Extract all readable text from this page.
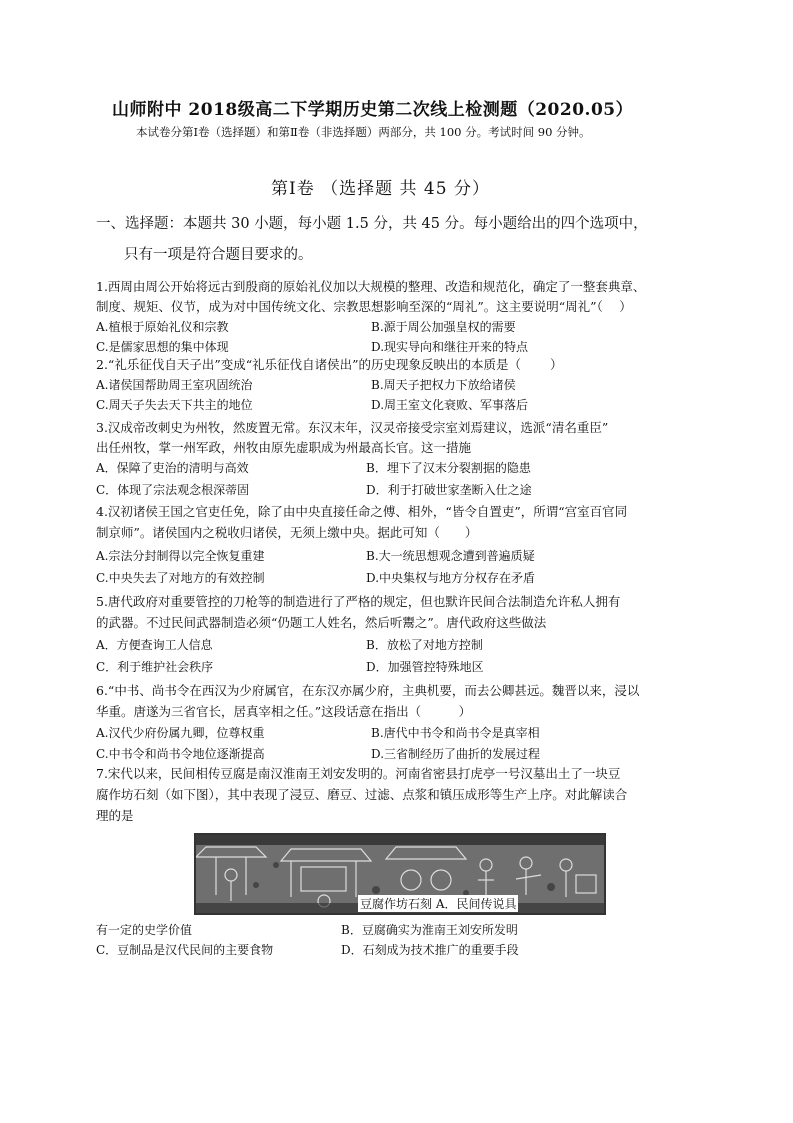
山师附中 2018级高二下学期历史第二次线上检测题（2020.05）
本试卷分第Ⅰ卷（选择题）和第Ⅱ卷（非选择题）两部分，共 100 分。考试时间 90 分钟。
第Ⅰ卷 （选择题 共 45 分）
一、选择题：本题共 30 小题，每小题 1.5 分，共 45 分。每小题给出的四个选项中，
只有一项是符合题目要求的。
1.西周由周公开始将远古到殷商的原始礼仪加以大规模的整理、改造和规范化，确定了一整套典章、
制度、规矩、仪节，成为对中国传统文化、宗教思想影响至深的“周礼”。这主要说明“周礼”（　 ）
A.植根于原始礼仪和宗教	B.源于周公加强皇权的需要
C.是儒家思想的集中体现	D.现实导向和继往开来的特点
2.“礼乐征伐自天子出”变成“礼乐征伐自诸侯出”的历史现象反映出的本质是（　　 ）
A.诸侯国帮助周王室巩固统治	B.周天子把权力下放给诸侯
C.周天子失去天下共主的地位	D.周王室文化衰败、军事落后
3.汉成帝改刺史为州牧，然废置无常。东汉末年，汉灵帝接受宗室刘焉建议，选派“清名重臣”
出任州牧，掌一州军政，州牧由原先虚职成为州最高长官。这一措施
A．保障了吏治的清明与高效	B．埋下了汉末分裂割据的隐患
C．体现了宗法观念根深蒂固	D．利于打破世家垄断入仕之途
4.汉初诸侯王国之官吏任免，除了由中央直接任命之傅、相外，“皆令自置吏”，所谓“宫室百官同
制京师”。诸侯国内之税收归诸侯，无须上缴中央。据此可知（　　）
A.宗法分封制得以完全恢复重建	B.大一统思想观念遭到普遍质疑
C.中央失去了对地方的有效控制	D.中央集权与地方分权存在矛盾
5.唐代政府对重要管控的刀枪等的制造进行了严格的规定，但也默许民间合法制造允许私人拥有
的武器。不过民间武器制造必须“仍题工人姓名，然后听鬻之”。唐代政府这些做法
A．方便查询工人信息	B．放松了对地方控制
C．利于维护社会秩序	D．加强管控特殊地区
6.“中书、尚书令在西汉为少府属官，在东汉亦属少府，主典机要，而去公卿甚远。魏晋以来，浸以
华重。唐遂为三省官长，居真宰相之任。”这段话意在指出（　　　）
A.汉代少府份属九卿，位尊权重	B.唐代中书令和尚书令是真宰相
C.中书令和尚书令地位逐渐提高	D.三省制经历了曲折的发展过程
7.宋代以来，民间相传豆腐是南汉淮南王刘安发明的。河南省密县打虎亭一号汉墓出土了一块豆
腐作坊石刻（如下图），其中表现了浸豆、磨豆、过滤、点浆和镇压成形等生产上序。对此解读合
理的是
豆腐作坊石刻 A．民间传说具
有一定的史学价值	B．豆腐确实为淮南王刘安所发明
C．豆制品是汉代民间的主要食物	D．石刻成为技术推广的重要手段
